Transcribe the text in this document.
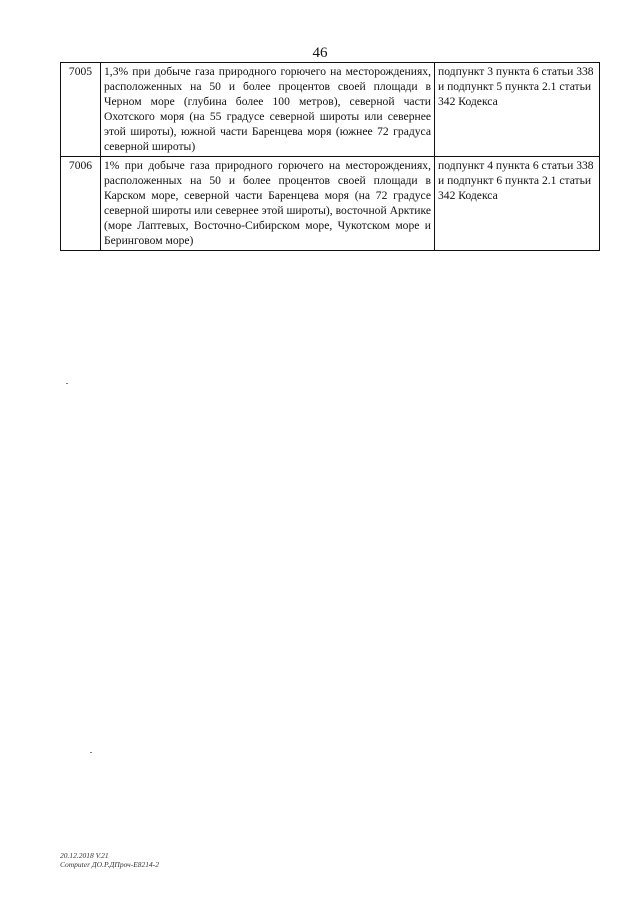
46
7005	1,3% при добыче газа природного горючего на месторождениях, расположенных на 50 и более процентов своей площади в Черном море (глубина более 100 метров), северной части Охотского моря (на 55 градусе северной широты или севернее этой широты), южной части Баренцева моря (южнее 72 градуса северной широты)	подпункт 3 пункта 6 статьи 338 и подпункт 5 пункта 2.1 статьи 342 Кодекса
7006	1% при добыче газа природного горючего на месторождениях, расположенных на 50 и более процентов своей площади в Карском море, северной части Баренцева моря (на 72 градусе северной широты или севернее этой широты), восточной Арктике (море Лаптевых, Восточно-Сибирском море, Чукотском море и Беринговом море)	подпункт 4 пункта 6 статьи 338 и подпункт 6 пункта 2.1 статьи 342 Кодекса
20.12.2018 V.21
Computer ДО.Р.ДПроч-Е8214-2
